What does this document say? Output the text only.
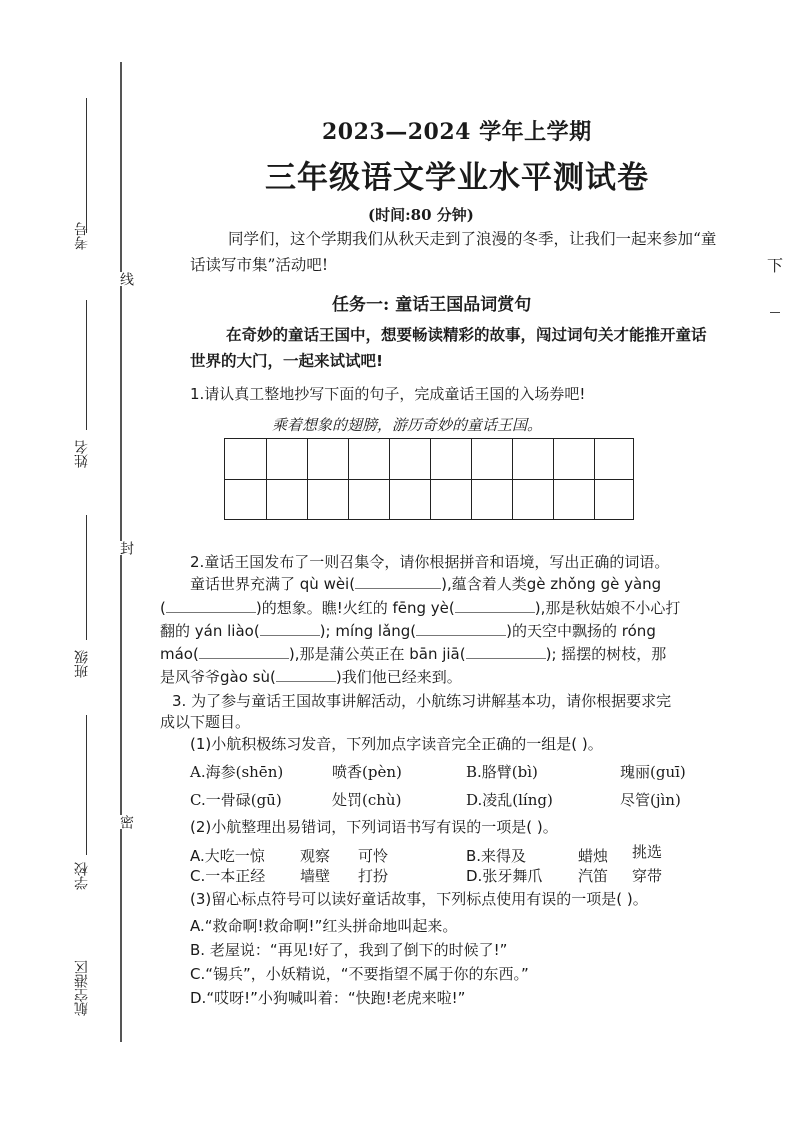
考号
姓名
班级
学校
航空港区
线
封
密
下
2023—2024 学年上学期
三年级语文学业水平测试卷
(时间:80 分钟)
同学们，这个学期我们从秋天走到了浪漫的冬季，让我们一起来参加“童
话读写市集”活动吧!
任务一: 童话王国品词赏句
在奇妙的童话王国中，想要畅读精彩的故事，闯过词句关才能推开童话
世界的大门，一起来试试吧!
1.请认真工整地抄写下面的句子，完成童话王国的入场券吧!
乘着想象的翅膀，游历奇妙的童话王国。
2.童话王国发布了一则召集令，请你根据拼音和语境，写出正确的词语。
童话世界充满了 qù wèi(	),蕴含着人类gè zhǒng gè yàng
(	)的想象。瞧!火红的 fēng yè(	),那是秋姑娘不小心打
翻的 yán liào(	); míng lǎng(	)的天空中飘扬的 róng
máo(	),那是蒲公英正在 bān jiā(	); 摇摆的树枝，那
是风爷爷gào sù(	)我们他已经来到。
3. 为了参与童话王国故事讲解活动，小航练习讲解基本功，请你根据要求完
成以下题目。
(1)小航积极练习发音，下列加点字读音完全正确的一组是( )。
A.海参(shēn)	喷香(pèn)	B.胳臂(bì)	瑰丽(guī)
C.一骨碌(gū)	处罚(chù)	D.凌乱(líng)	尽管(jìn)
(2)小航整理出易错词，下列词语书写有误的一项是( )。
A.大吃一惊 观察 可怜	B.来得及	蜡烛 挑选
C.一本正经 墙壁 打扮	D.张牙舞爪 汽笛 穿带
(3)留心标点符号可以读好童话故事，下列标点使用有误的一项是( )。
A.“救命啊!救命啊!”红头拼命地叫起来。
B. 老屋说：“再见!好了，我到了倒下的时候了!”
C.“锡兵”，小妖精说，“不要指望不属于你的东西。”
D.“哎呀!”小狗喊叫着：“快跑!老虎来啦!”
